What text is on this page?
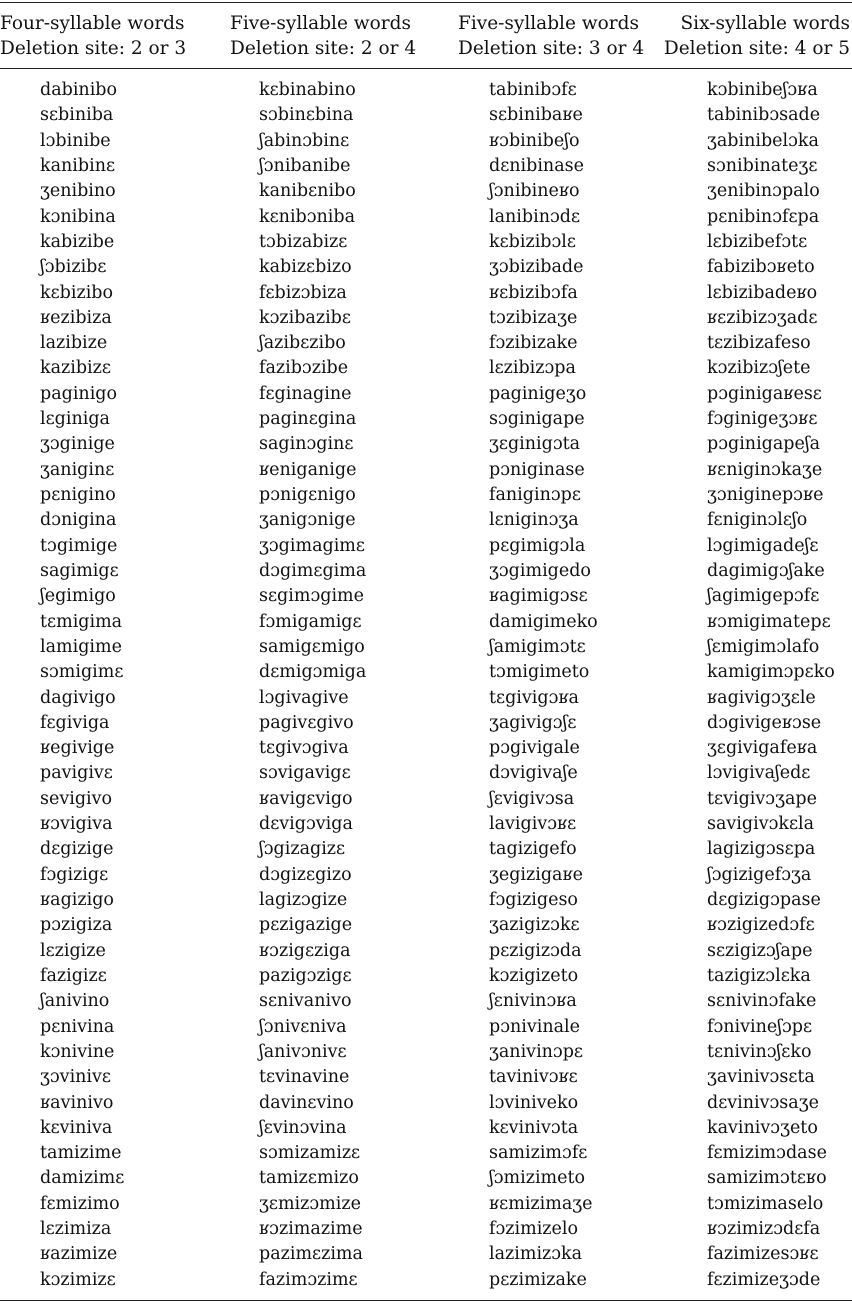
Four-syllable words
Deletion site: 2 or 3
Five-syllable words
Deletion site: 2 or 4
Five-syllable words
Deletion site: 3 or 4
Six-syllable words
Deletion site: 4 or 5
dabinibo
sɛbiniba
lɔbinibe
kanibinɛ
ʒenibino
kɔnibina
kabizibe
ʃɔbizibɛ
kɛbizibo
ʁezibiza
lazibize
kazibizɛ
paginigo
lɛginiga
ʒɔginige
ʒaniginɛ
pɛnigino
dɔnigina
tɔgimige
sagimigɛ
ʃegimigo
tɛmigima
lamigime
sɔmigimɛ
dagivigo
fɛgiviga
ʁegivige
pavigivɛ
sevigivo
ʁɔvigiva
dɛgizige
fɔgizigɛ
ʁagizigo
pɔzigiza
lɛzigize
fazigizɛ
ʃanivino
pɛnivina
kɔnivine
ʒɔvinivɛ
ʁavinivo
kɛviniva
tamizime
damizimɛ
fɛmizimo
lɛzimiza
ʁazimize
kɔzimizɛ
kɛbinabino
sɔbinɛbina
ʃabinɔbinɛ
ʃɔnibanibe
kanibɛnibo
kɛnibɔniba
tɔbizabizɛ
kabizɛbizo
fɛbizɔbiza
kɔzibazibɛ
ʃazibɛzibo
fazibɔzibe
fɛginagine
paginɛgina
saginɔginɛ
ʁeniganige
pɔnigɛnigo
ʒanigɔnige
ʒɔgimagimɛ
dɔgimɛgima
sɛgimɔgime
fɔmigamigɛ
samigɛmigo
dɛmigɔmiga
lɔgivagive
pagivɛgivo
tɛgivɔgiva
sɔvigavigɛ
ʁavigɛvigo
dɛvigɔviga
ʃɔgizagizɛ
dɔgizɛgizo
lagizɔgize
pɛzigazige
ʁɔzigɛziga
pazigɔzigɛ
sɛnivanivo
ʃɔnivɛniva
ʃanivɔnivɛ
tɛvinavine
davinɛvino
ʃɛvinɔvina
sɔmizamizɛ
tamizɛmizo
ʒɛmizɔmize
ʁɔzimazime
pazimɛzima
fazimɔzimɛ
tabinibɔfɛ
sɛbinibaʁe
ʁɔbinibeʃo
dɛnibinase
ʃɔnibineʁo
lanibinɔdɛ
kɛbizibɔlɛ
ʒɔbizibade
ʁɛbizibɔfa
tɔzibizaʒe
fɔzibizake
lɛzibizɔpa
paginigeʒo
sɔginigape
ʒɛginigɔta
pɔniginase
faniginɔpɛ
lɛniginɔʒa
pɛgimigɔla
ʒɔgimigedo
ʁagimigɔsɛ
damigimeko
ʃamigimɔtɛ
tɔmigimeto
tɛgivigɔʁa
ʒagivigɔʃɛ
pɔgivigale
dɔvigivaʃe
ʃɛvigivɔsa
lavigivɔʁɛ
tagizigefo
ʒegizigaʁe
fɔgizigeso
ʒazigizɔkɛ
pɛzigizɔda
kɔzigizeto
ʃɛnivinɔʁa
pɔnivinale
ʒanivinɔpɛ
tavinivɔʁɛ
lɔviniveko
kɛvinivɔta
samizimɔfɛ
ʃɔmizimeto
ʁɛmizimaʒe
fɔzimizelo
lazimizɔka
pɛzimizake
kɔbinibeʃɔʁa
tabinibɔsade
ʒabinibelɔka
sɔnibinateʒɛ
ʒenibinɔpalo
pɛnibinɔfɛpa
lɛbizibefɔtɛ
fabizibɔʁeto
lɛbizibadeʁo
ʁɛzibizɔʒadɛ
tɛzibizafeso
kɔzibizɔʃete
pɔginigaʁesɛ
fɔginigeʒɔʁɛ
pɔginigapeʃa
ʁɛniginɔkaʒe
ʒɔniginepɔʁe
fɛniginɔlɛʃo
lɔgimigadeʃɛ
dagimigɔʃake
ʃagimigepɔfɛ
ʁɔmigimatepɛ
ʃɛmigimɔlafo
kamigimɔpɛko
ʁagivigɔʒɛle
dɔgivigeʁɔse
ʒɛgivigafeʁa
lɔvigivaʃedɛ
tɛvigivɔʒape
savigivɔkɛla
lagizigɔsɛpa
ʃɔgizigefɔʒa
dɛgizigɔpase
ʁɔzigizedɔfɛ
sɛzigizɔʃape
tazigizɔlɛka
sɛnivinɔfake
fɔnivineʃɔpɛ
tɛnivinɔʃɛko
ʒavinivɔsɛta
dɛvinivɔsaʒe
kavinivɔʒeto
fɛmizimɔdase
samizimɔtɛʁo
tɔmizimaselo
ʁɔzimizɔdɛfa
fazimizesɔʁɛ
fɛzimizeʒɔde
